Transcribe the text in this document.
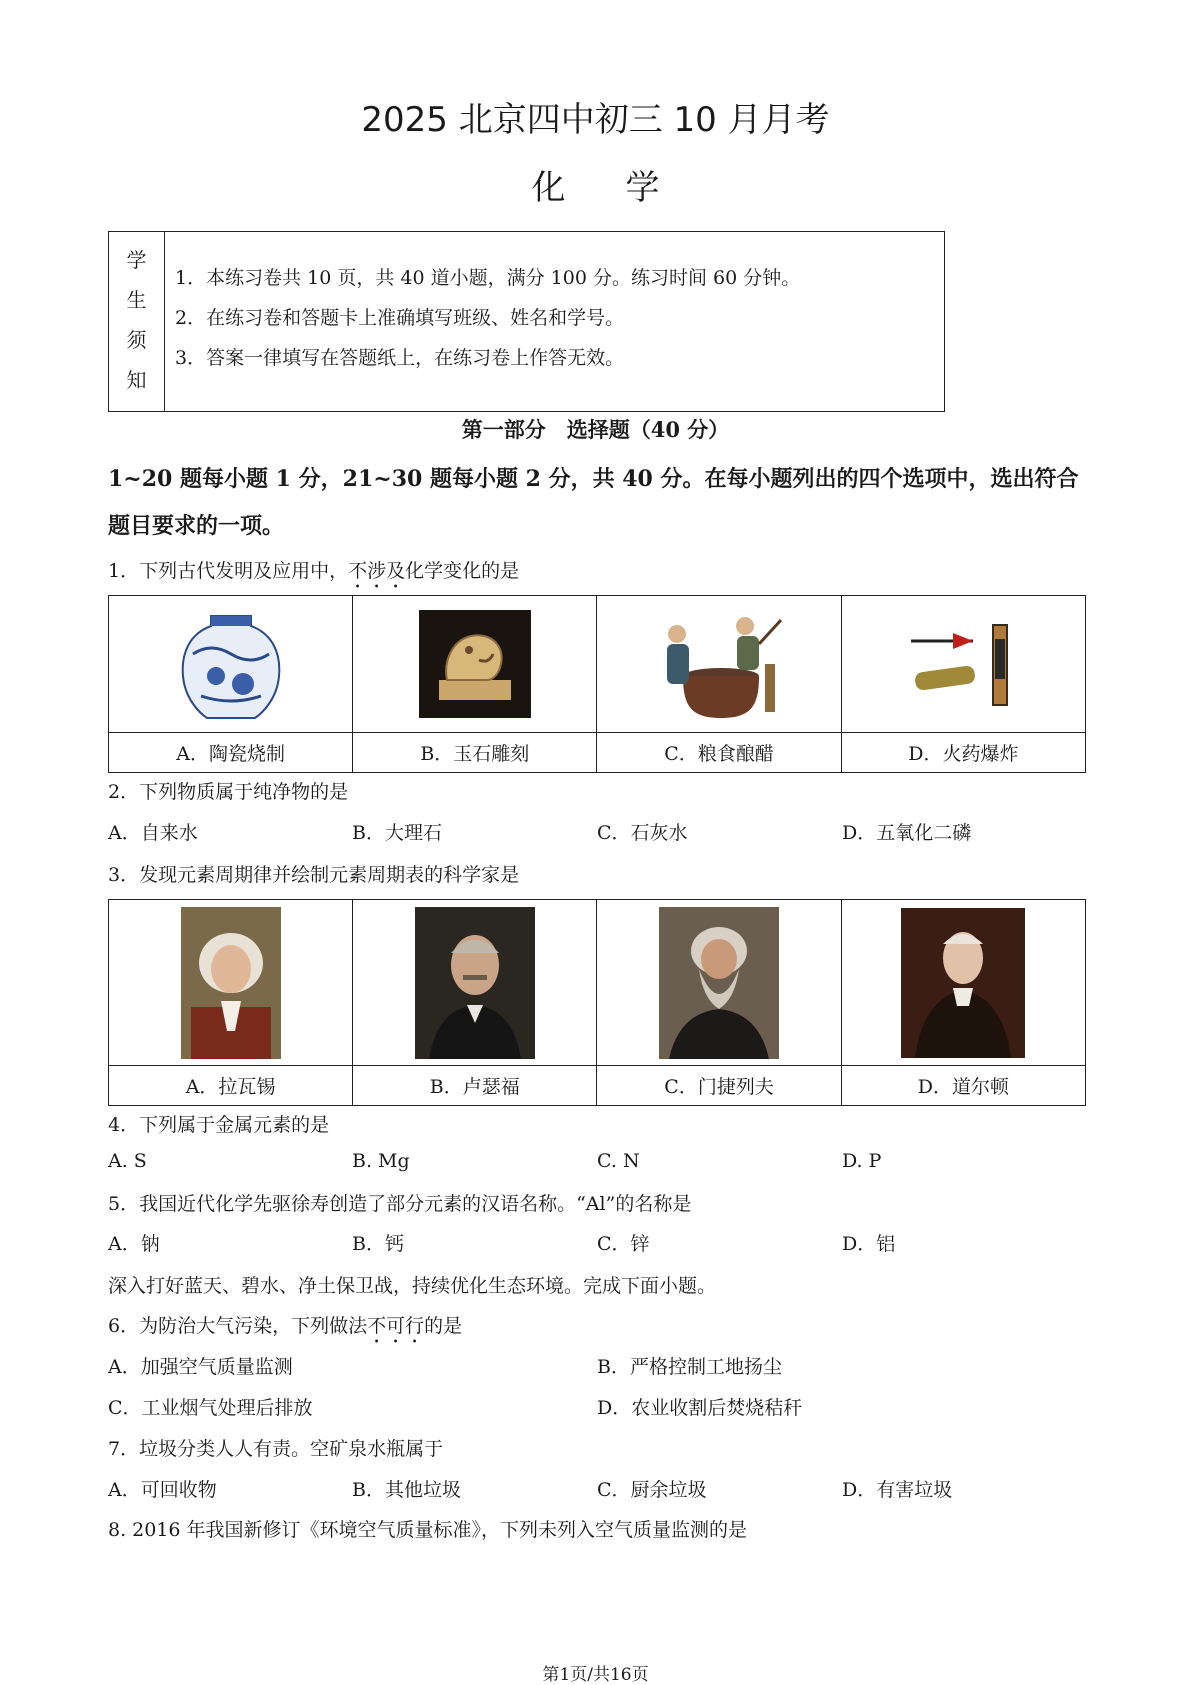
2025 北京四中初三 10 月月考
化学
学
生
须
知
1．本练习卷共 10 页，共 40 道小题，满分 100 分。练习时间 60 分钟。
2．在练习卷和答题卡上准确填写班级、姓名和学号。
3．答案一律填写在答题纸上，在练习卷上作答无效。
第一部分　选择题（40 分）
1~20 题每小题 1 分，21~30 题每小题 2 分，共 40 分。在每小题列出的四个选项中，选出符合
题目要求的一项。
1．下列古代发明及应用中，不涉及化学变化的是

A．陶瓷烧制	B．玉石雕刻	C．粮食酿醋	D．火药爆炸
2．下列物质属于纯净物的是
A．自来水	B．大理石	C．石灰水	D．五氧化二磷
3．发现元素周期律并绘制元素周期表的科学家是

A．拉瓦锡	B．卢瑟福	C．门捷列夫	D．道尔顿
4．下列属于金属元素的是
A. S	B. Mg	C. N	D. P
5．我国近代化学先驱徐寿创造了部分元素的汉语名称。“Al”的名称是
A．钠	B．钙	C．锌	D．铝
深入打好蓝天、碧水、净土保卫战，持续优化生态环境。完成下面小题。
6．为防治大气污染，下列做法不可行的是
A．加强空气质量监测	B．严格控制工地扬尘
C．工业烟气处理后排放	D．农业收割后焚烧秸秆
7．垃圾分类人人有责。空矿泉水瓶属于
A．可回收物	B．其他垃圾	C．厨余垃圾	D．有害垃圾
8. 2016 年我国新修订《环境空气质量标准》，下列未列入空气质量监测的是
第1页/共16页
